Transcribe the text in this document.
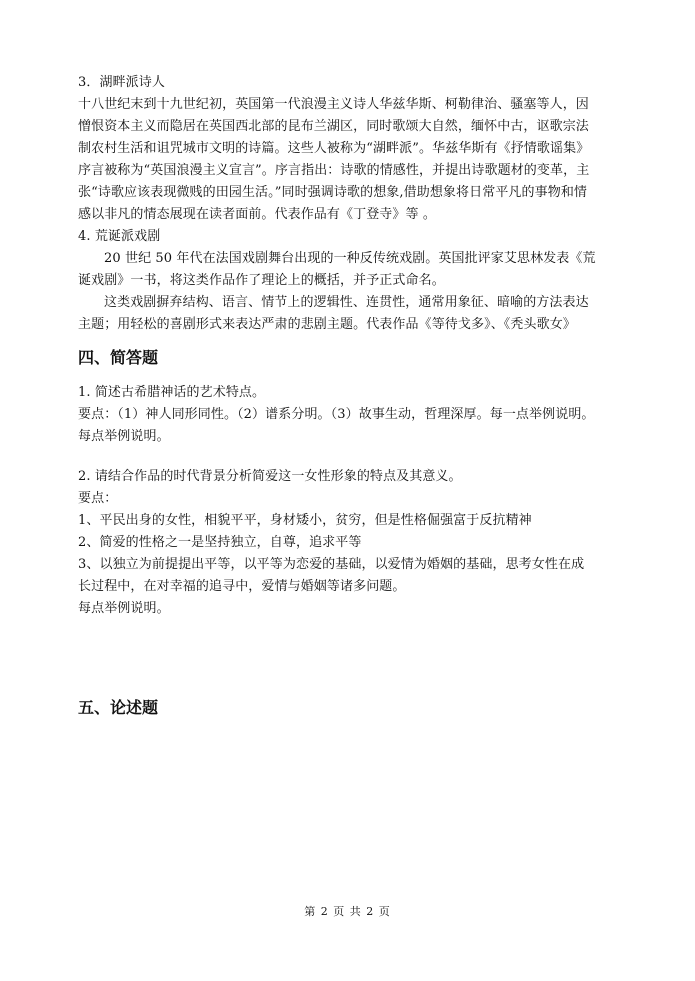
3．湖畔派诗人
十八世纪末到十九世纪初，英国第一代浪漫主义诗人华兹华斯、柯勒律治、骚塞等人，因
憎恨资本主义而隐居在英国西北部的昆布兰湖区，同时歌颂大自然，缅怀中古，讴歌宗法
制农村生活和诅咒城市文明的诗篇。这些人被称为“湖畔派”。华兹华斯有《抒情歌谣集》
序言被称为“英国浪漫主义宣言”。序言指出：诗歌的情感性，并提出诗歌题材的变革，主
张“诗歌应该表现微贱的田园生活。”同时强调诗歌的想象,借助想象将日常平凡的事物和情
感以非凡的情态展现在读者面前。代表作品有《丁登寺》等 。
4. 荒诞派戏剧
20 世纪 50 年代在法国戏剧舞台出现的一种反传统戏剧。英国批评家艾思林发表《荒
诞戏剧》一书，将这类作品作了理论上的概括，并予正式命名。
这类戏剧摒弃结构、语言、情节上的逻辑性、连贯性，通常用象征、暗喻的方法表达
主题；用轻松的喜剧形式来表达严肃的悲剧主题。代表作品《等待戈多》、《秃头歌女》
四、简答题
1. 简述古希腊神话的艺术特点。
要点：（1）神人同形同性。（2）谱系分明。（3）故事生动，哲理深厚。每一点举例说明。
每点举例说明。
2. 请结合作品的时代背景分析简爱这一女性形象的特点及其意义。
要点：
1、平民出身的女性，相貌平平，身材矮小，贫穷，但是性格倔强富于反抗精神
2、简爱的性格之一是坚持独立，自尊，追求平等
3、以独立为前提提出平等，以平等为恋爱的基础，以爱情为婚姻的基础，思考女性在成
长过程中，在对幸福的追寻中，爱情与婚姻等诸多问题。
每点举例说明。
五、论述题
第 2 页 共 2 页
